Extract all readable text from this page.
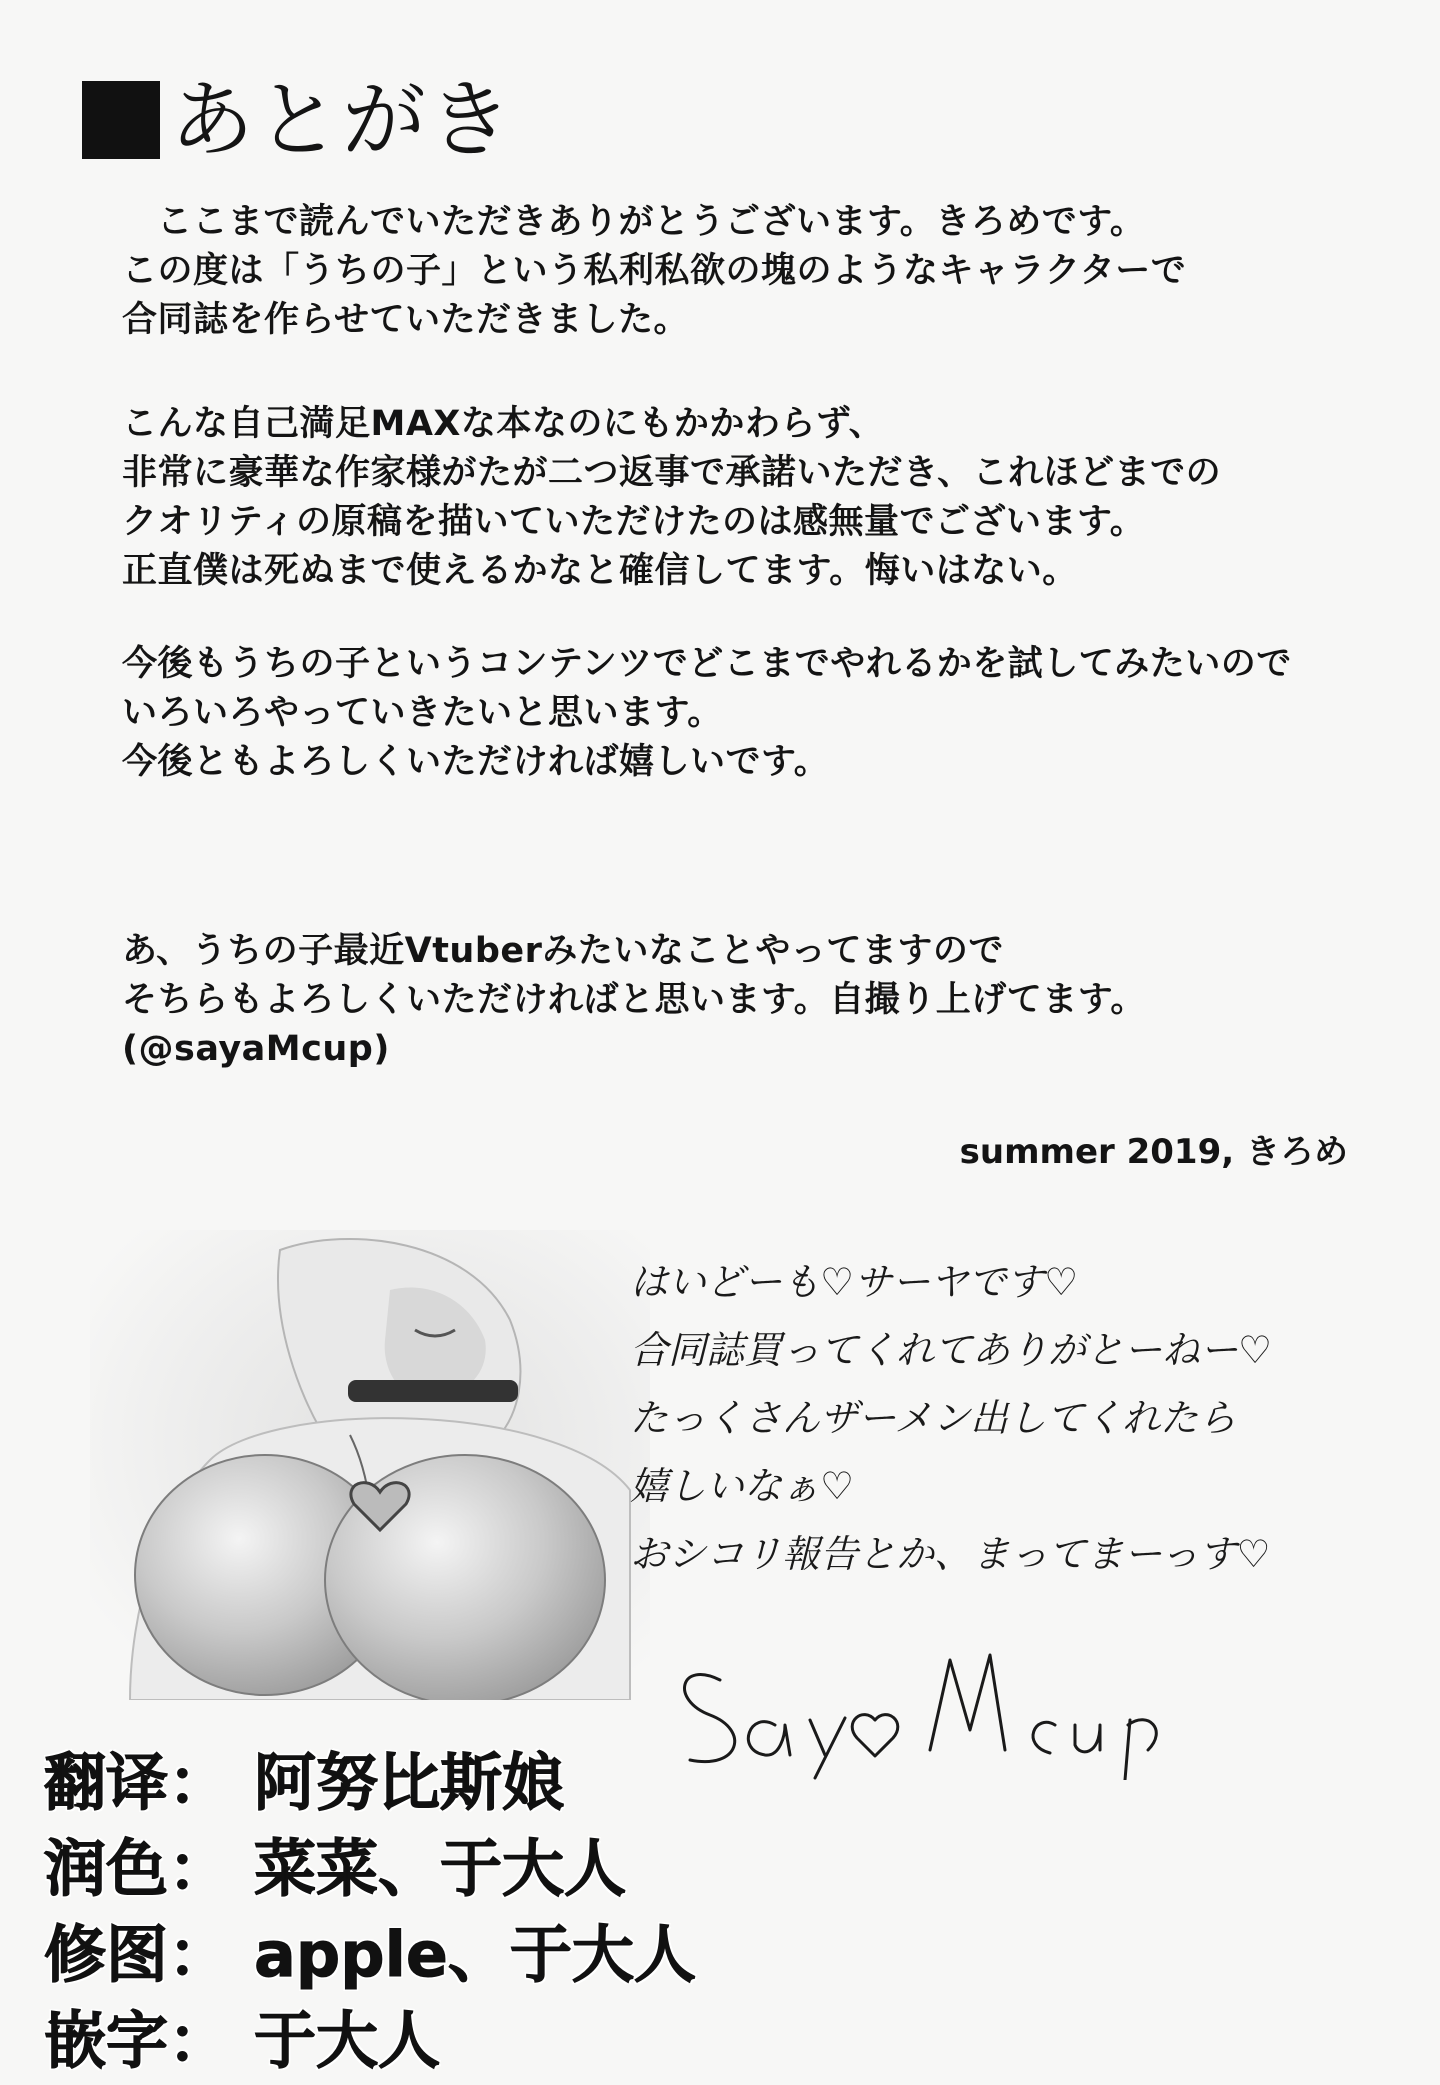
あとがき
ここまで読んでいただきありがとうございます。きろめです。
この度は「うちの子」という私利私欲の塊のようなキャラクターで
合同誌を作らせていただきました。
こんな自己満足MAXな本なのにもかかわらず、
非常に豪華な作家様がたが二つ返事で承諾いただき、これほどまでの
クオリティの原稿を描いていただけたのは感無量でございます。
正直僕は死ぬまで使えるかなと確信してます。悔いはない。
今後もうちの子というコンテンツでどこまでやれるかを試してみたいので
いろいろやっていきたいと思います。
今後ともよろしくいただければ嬉しいです。
あ、うちの子最近Vtuberみたいなことやってますので
そちらもよろしくいただければと思います。自撮り上げてます。
(@sayaMcup)
summer 2019, きろめ
はいどーも♡サーヤです♡
合同誌買ってくれてありがとーねー♡
たっくさんザーメン出してくれたら
嬉しいなぁ♡
おシコリ報告とか、まってまーっす♡
翻译： 阿努比斯娘
润色： 菜菜、于大人
修图： apple、于大人
嵌字： 于大人
